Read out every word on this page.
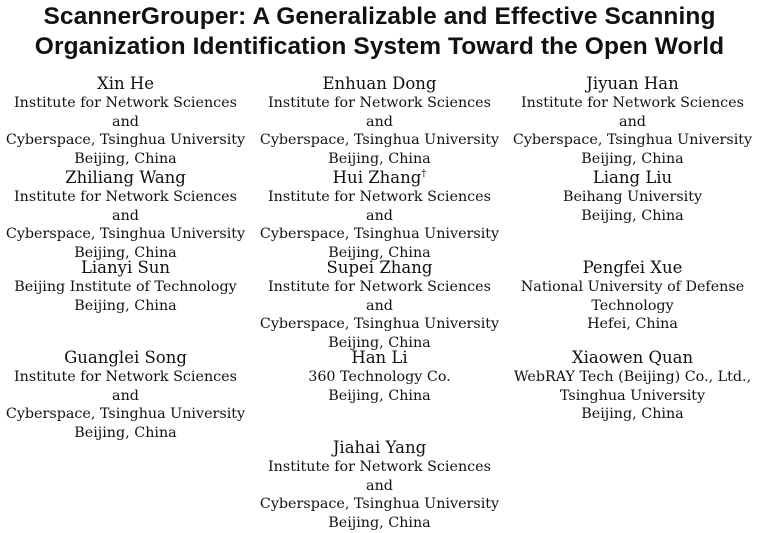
ScannerGrouper: A Generalizable and Effective Scanning
Organization Identification System Toward the Open World
Xin He
Institute for Network Sciences and
Cyberspace, Tsinghua University
Beijing, China
Enhuan Dong
Institute for Network Sciences and
Cyberspace, Tsinghua University
Beijing, China
Jiyuan Han
Institute for Network Sciences and
Cyberspace, Tsinghua University
Beijing, China
Zhiliang Wang
Institute for Network Sciences and
Cyberspace, Tsinghua University
Beijing, China
Hui Zhang†
Institute for Network Sciences and
Cyberspace, Tsinghua University
Beijing, China
Liang Liu
Beihang University
Beijing, China
Lianyi Sun
Beijing Institute of Technology
Beijing, China
Supei Zhang
Institute for Network Sciences and
Cyberspace, Tsinghua University
Beijing, China
Pengfei Xue
National University of Defense
Technology
Hefei, China
Guanglei Song
Institute for Network Sciences and
Cyberspace, Tsinghua University
Beijing, China
Han Li
360 Technology Co.
Beijing, China
Xiaowen Quan
WebRAY Tech (Beijing) Co., Ltd.,
Tsinghua University
Beijing, China
Jiahai Yang
Institute for Network Sciences and
Cyberspace, Tsinghua University
Beijing, China
